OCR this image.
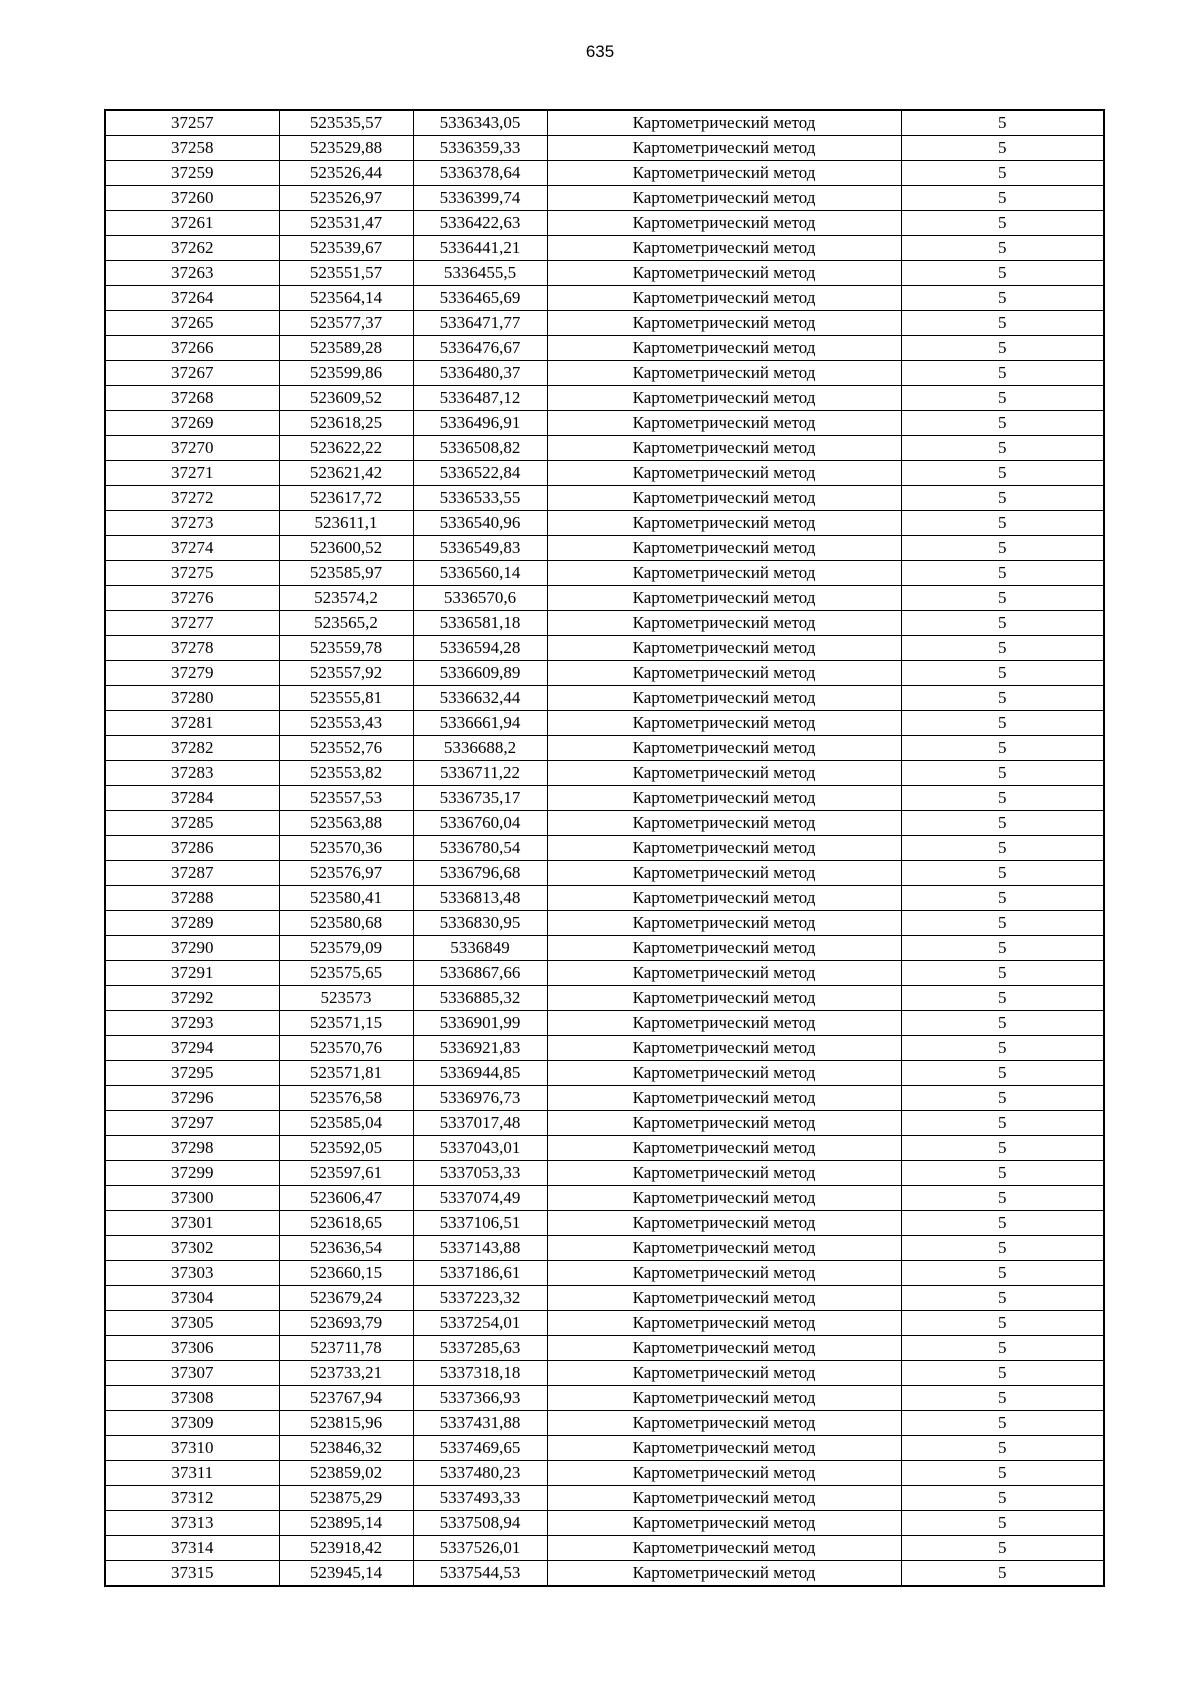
635
37257	523535,57	5336343,05	Картометрический метод	5
37258	523529,88	5336359,33	Картометрический метод	5
37259	523526,44	5336378,64	Картометрический метод	5
37260	523526,97	5336399,74	Картометрический метод	5
37261	523531,47	5336422,63	Картометрический метод	5
37262	523539,67	5336441,21	Картометрический метод	5
37263	523551,57	5336455,5	Картометрический метод	5
37264	523564,14	5336465,69	Картометрический метод	5
37265	523577,37	5336471,77	Картометрический метод	5
37266	523589,28	5336476,67	Картометрический метод	5
37267	523599,86	5336480,37	Картометрический метод	5
37268	523609,52	5336487,12	Картометрический метод	5
37269	523618,25	5336496,91	Картометрический метод	5
37270	523622,22	5336508,82	Картометрический метод	5
37271	523621,42	5336522,84	Картометрический метод	5
37272	523617,72	5336533,55	Картометрический метод	5
37273	523611,1	5336540,96	Картометрический метод	5
37274	523600,52	5336549,83	Картометрический метод	5
37275	523585,97	5336560,14	Картометрический метод	5
37276	523574,2	5336570,6	Картометрический метод	5
37277	523565,2	5336581,18	Картометрический метод	5
37278	523559,78	5336594,28	Картометрический метод	5
37279	523557,92	5336609,89	Картометрический метод	5
37280	523555,81	5336632,44	Картометрический метод	5
37281	523553,43	5336661,94	Картометрический метод	5
37282	523552,76	5336688,2	Картометрический метод	5
37283	523553,82	5336711,22	Картометрический метод	5
37284	523557,53	5336735,17	Картометрический метод	5
37285	523563,88	5336760,04	Картометрический метод	5
37286	523570,36	5336780,54	Картометрический метод	5
37287	523576,97	5336796,68	Картометрический метод	5
37288	523580,41	5336813,48	Картометрический метод	5
37289	523580,68	5336830,95	Картометрический метод	5
37290	523579,09	5336849	Картометрический метод	5
37291	523575,65	5336867,66	Картометрический метод	5
37292	523573	5336885,32	Картометрический метод	5
37293	523571,15	5336901,99	Картометрический метод	5
37294	523570,76	5336921,83	Картометрический метод	5
37295	523571,81	5336944,85	Картометрический метод	5
37296	523576,58	5336976,73	Картометрический метод	5
37297	523585,04	5337017,48	Картометрический метод	5
37298	523592,05	5337043,01	Картометрический метод	5
37299	523597,61	5337053,33	Картометрический метод	5
37300	523606,47	5337074,49	Картометрический метод	5
37301	523618,65	5337106,51	Картометрический метод	5
37302	523636,54	5337143,88	Картометрический метод	5
37303	523660,15	5337186,61	Картометрический метод	5
37304	523679,24	5337223,32	Картометрический метод	5
37305	523693,79	5337254,01	Картометрический метод	5
37306	523711,78	5337285,63	Картометрический метод	5
37307	523733,21	5337318,18	Картометрический метод	5
37308	523767,94	5337366,93	Картометрический метод	5
37309	523815,96	5337431,88	Картометрический метод	5
37310	523846,32	5337469,65	Картометрический метод	5
37311	523859,02	5337480,23	Картометрический метод	5
37312	523875,29	5337493,33	Картометрический метод	5
37313	523895,14	5337508,94	Картометрический метод	5
37314	523918,42	5337526,01	Картометрический метод	5
37315	523945,14	5337544,53	Картометрический метод	5
